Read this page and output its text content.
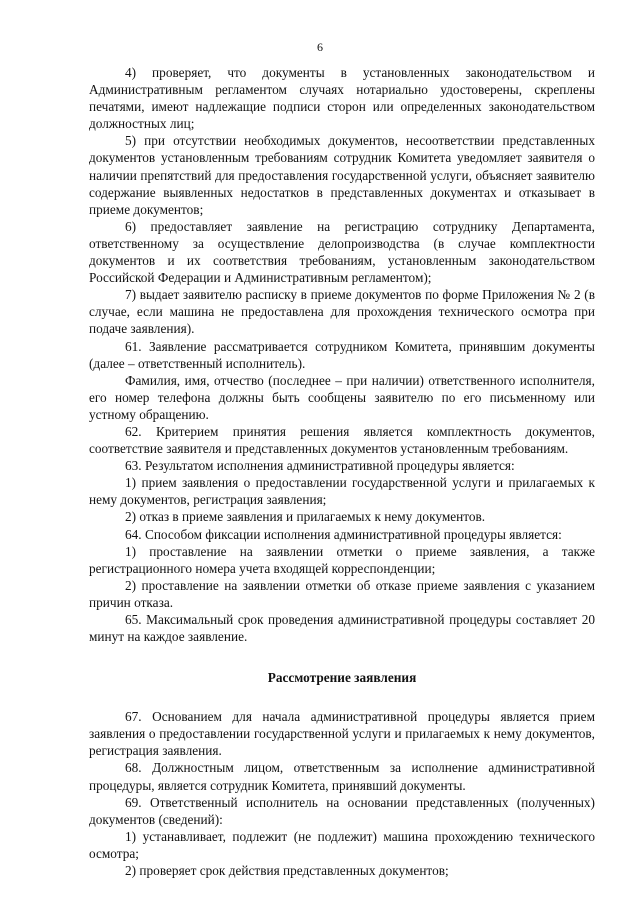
6

4) проверяет, что документы в установленных законодательством и Административным регламентом случаях нотариально удостоверены, скреплены печатями, имеют надлежащие подписи сторон или определенных законодательством должностных лиц;

5) при отсутствии необходимых документов, несоответствии представленных документов установленным требованиям сотрудник Комитета уведомляет заявителя о наличии препятствий для предоставления государственной услуги, объясняет заявителю содержание выявленных недостатков в представленных документах и отказывает в приеме документов;

6) предоставляет заявление на регистрацию сотруднику Департамента, ответственному за осуществление делопроизводства (в случае комплектности документов и их соответствия требованиям, установленным законодательством Российской Федерации и Административным регламентом);

7) выдает заявителю расписку в приеме документов по форме Приложения № 2 (в случае, если машина не предоставлена для прохождения технического осмотра при подаче заявления).

61. Заявление рассматривается сотрудником Комитета, принявшим документы (далее – ответственный исполнитель).

Фамилия, имя, отчество (последнее – при наличии) ответственного исполнителя, его номер телефона должны быть сообщены заявителю по его письменному или устному обращению.

62. Критерием принятия решения является комплектность документов, соответствие заявителя и представленных документов установленным требованиям.

63. Результатом исполнения административной процедуры является:

1) прием заявления о предоставлении государственной услуги и прилагаемых к нему документов, регистрация заявления;

2) отказ в приеме заявления и прилагаемых к нему документов.

64. Способом фиксации исполнения административной процедуры является:

1) проставление на заявлении отметки о приеме заявления, а также регистрационного номера учета входящей корреспонденции;

2) проставление на заявлении отметки об отказе приеме заявления с указанием причин отказа.

65. Максимальный срок проведения административной процедуры составляет 20 минут на каждое заявление.

Рассмотрение заявления

67. Основанием для начала административной процедуры является прием заявления о предоставлении государственной услуги и прилагаемых к нему документов, регистрация заявления.

68. Должностным лицом, ответственным за исполнение административной процедуры, является сотрудник Комитета, принявший документы.

69. Ответственный исполнитель на основании представленных (полученных) документов (сведений):

1) устанавливает, подлежит (не подлежит) машина прохождению технического осмотра;

2) проверяет срок действия представленных документов;
